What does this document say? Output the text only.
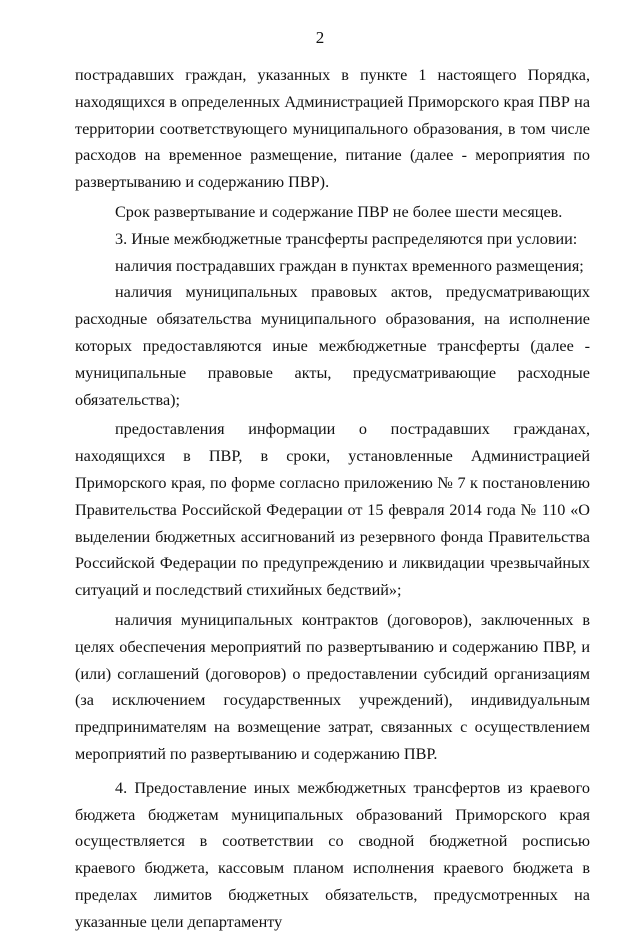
2

пострадавших граждан, указанных в пункте 1 настоящего Порядка, находящихся в определенных Администрацией Приморского края ПВР на территории соответствующего муниципального образования, в том числе расходов на временное размещение, питание (далее - мероприятия по развертыванию и содержанию ПВР).

Срок развертывание и содержание ПВР не более шести месяцев.

3. Иные межбюджетные трансферты распределяются при условии:

наличия пострадавших граждан в пунктах временного размещения;

наличия муниципальных правовых актов, предусматривающих расходные обязательства муниципального образования, на исполнение которых предоставляются иные межбюджетные трансферты (далее - муниципальные правовые акты, предусматривающие расходные обязательства);

предоставления информации о пострадавших гражданах, находящихся в ПВР, в сроки, установленные Администрацией Приморского края, по форме согласно приложению № 7 к постановлению Правительства Российской Федерации от 15 февраля 2014 года № 110 «О выделении бюджетных ассигнований из резервного фонда Правительства Российской Федерации по предупреждению и ликвидации чрезвычайных ситуаций и последствий стихийных бедствий»;

наличия муниципальных контрактов (договоров), заключенных в целях обеспечения мероприятий по развертыванию и содержанию ПВР, и (или) соглашений (договоров) о предоставлении субсидий организациям (за исключением государственных учреждений), индивидуальным предпринимателям на возмещение затрат, связанных с осуществлением мероприятий по развертыванию и содержанию ПВР.

4. Предоставление иных межбюджетных трансфертов из краевого бюджета бюджетам муниципальных образований Приморского края осуществляется в соответствии со сводной бюджетной росписью краевого бюджета, кассовым планом исполнения краевого бюджета в пределах лимитов бюджетных обязательств, предусмотренных на указанные цели департаменту
